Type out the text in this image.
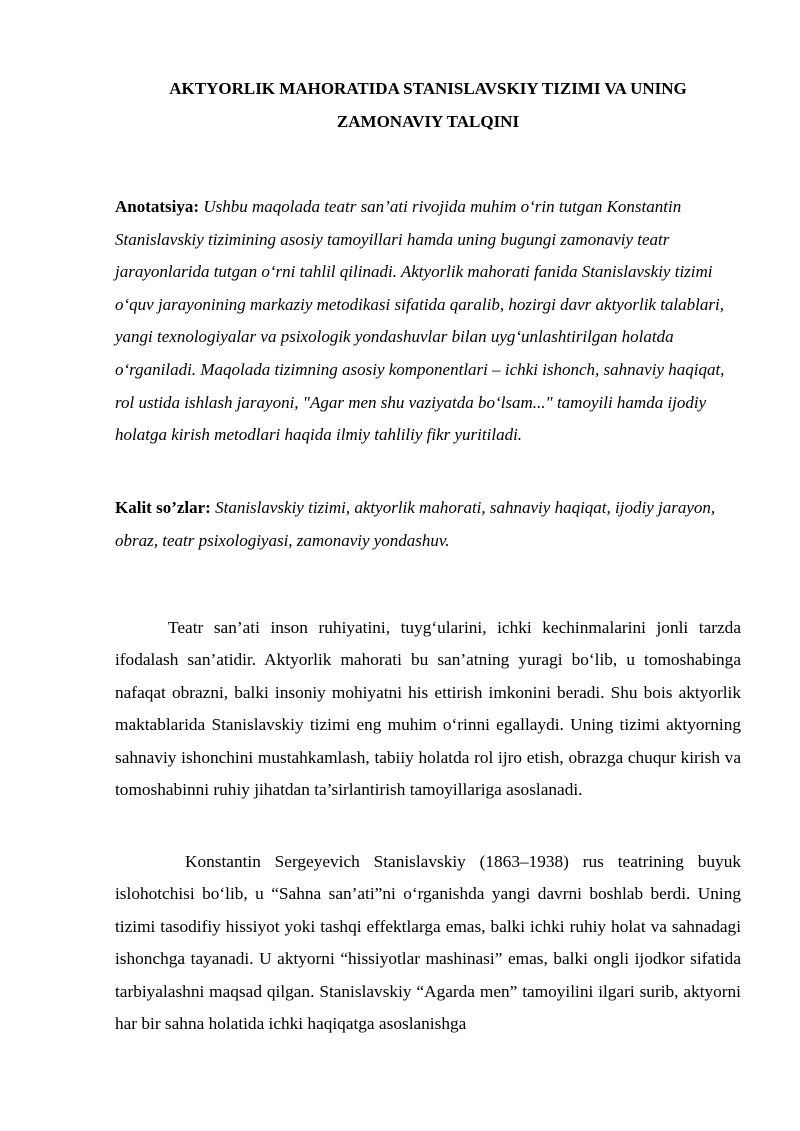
AKTYORLIK MAHORATIDA STANISLAVSKIY TIZIMI VA UNING ZAMONAVIY TALQINI

Anotatsiya: Ushbu maqolada teatr san’ati rivojida muhim o‘rin tutgan Konstantin Stanislavskiy tizimining asosiy tamoyillari hamda uning bugungi zamonaviy teatr jarayonlarida tutgan o‘rni tahlil qilinadi. Aktyorlik mahorati fanida Stanislavskiy tizimi o‘quv jarayonining markaziy metodikasi sifatida qaralib, hozirgi davr aktyorlik talablari, yangi texnologiyalar va psixologik yondashuvlar bilan uyg‘unlashtirilgan holatda o‘rganiladi. Maqolada tizimning asosiy komponentlari – ichki ishonch, sahnaviy haqiqat, rol ustida ishlash jarayoni, "Agar men shu vaziyatda bo‘lsam..." tamoyili hamda ijodiy holatga kirish metodlari haqida ilmiy tahliliy fikr yuritiladi.

Kalit so’zlar: Stanislavskiy tizimi, aktyorlik mahorati, sahnaviy haqiqat, ijodiy jarayon, obraz, teatr psixologiyasi, zamonaviy yondashuv.

Teatr san’ati inson ruhiyatini, tuyg‘ularini, ichki kechinmalarini jonli tarzda ifodalash san’atidir. Aktyorlik mahorati bu san’atning yuragi bo‘lib, u tomoshabinga nafaqat obrazni, balki insoniy mohiyatni his ettirish imkonini beradi. Shu bois aktyorlik maktablarida Stanislavskiy tizimi eng muhim o‘rinni egallaydi. Uning tizimi aktyorning sahnaviy ishonchini mustahkamlash, tabiiy holatda rol ijro etish, obrazga chuqur kirish va tomoshabinni ruhiy jihatdan ta’sirlantirish tamoyillariga asoslanadi.

Konstantin Sergeyevich Stanislavskiy (1863–1938) rus teatrining buyuk islohotchisi bo‘lib, u “Sahna san’ati”ni o‘rganishda yangi davrni boshlab berdi. Uning tizimi tasodifiy hissiyot yoki tashqi effektlarga emas, balki ichki ruhiy holat va sahnadagi ishonchga tayanadi. U aktyorni “hissiyotlar mashinasi” emas, balki ongli ijodkor sifatida tarbiyalashni maqsad qilgan. Stanislavskiy “Agarda men” tamoyilini ilgari surib, aktyorni har bir sahna holatida ichki haqiqatga asoslanishga
